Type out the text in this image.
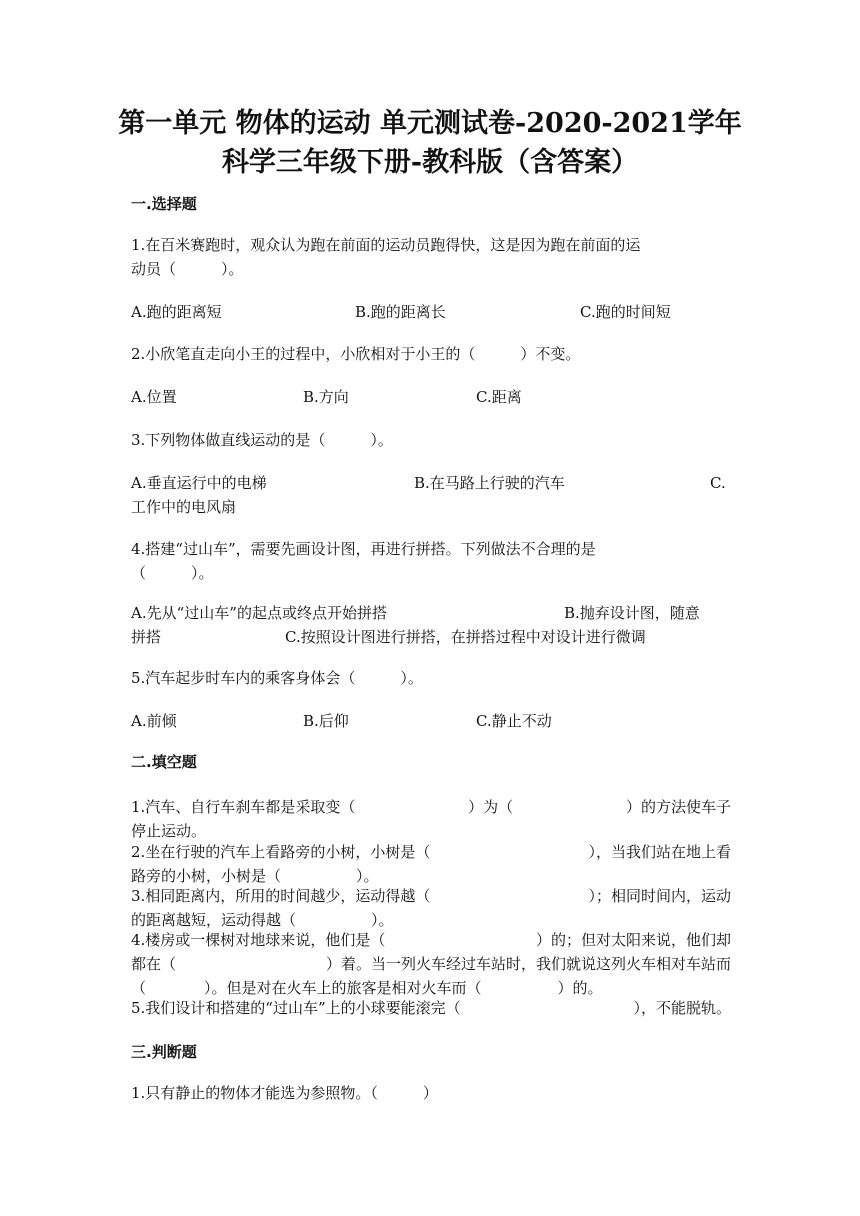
第一单元 物体的运动 单元测试卷-2020-2021学年
科学三年级下册-教科版（含答案）
一.选择题
1.在百米赛跑时，观众认为跑在前面的运动员跑得快，这是因为跑在前面的运
动员（　　　）。
A.跑的距离短	B.跑的距离长	C.跑的时间短
2.小欣笔直走向小王的过程中，小欣相对于小王的（　　　）不变。
A.位置	B.方向	C.距离
3.下列物体做直线运动的是（　　　）。
A.垂直运行中的电梯	B.在马路上行驶的汽车	C.
工作中的电风扇
4.搭建“过山车”，需要先画设计图，再进行拼搭。下列做法不合理的是
（　　　）。
A.先从“过山车”的起点或终点开始拼搭	B.抛弃设计图，随意
拼搭	C.按照设计图进行拼搭，在拼搭过程中对设计进行微调
5.汽车起步时车内的乘客身体会（　　　）。
A.前倾	B.后仰	C.静止不动
二.填空题
1.汽车、自行车刹车都是采取变（	）为（	）的方法使车子
停止运动。
2.坐在行驶的汽车上看路旁的小树，小树是（	），当我们站在地上看
路旁的小树，小树是（　　　　　）。
3.相同距离内，所用的时间越少，运动得越（	）；相同时间内，运动
的距离越短，运动得越（　　　　　）。
4.楼房或一棵树对地球来说，他们是（	）的；但对太阳来说，他们却
都在（	）着。当一列火车经过车站时，我们就说这列火车相对车站而
（	）。但是对在火车上的旅客是相对火车而（	）的。
5.我们设计和搭建的“过山车”上的小球要能滚完（	），不能脱轨。
三.判断题
1.只有静止的物体才能选为参照物。（　　　）
